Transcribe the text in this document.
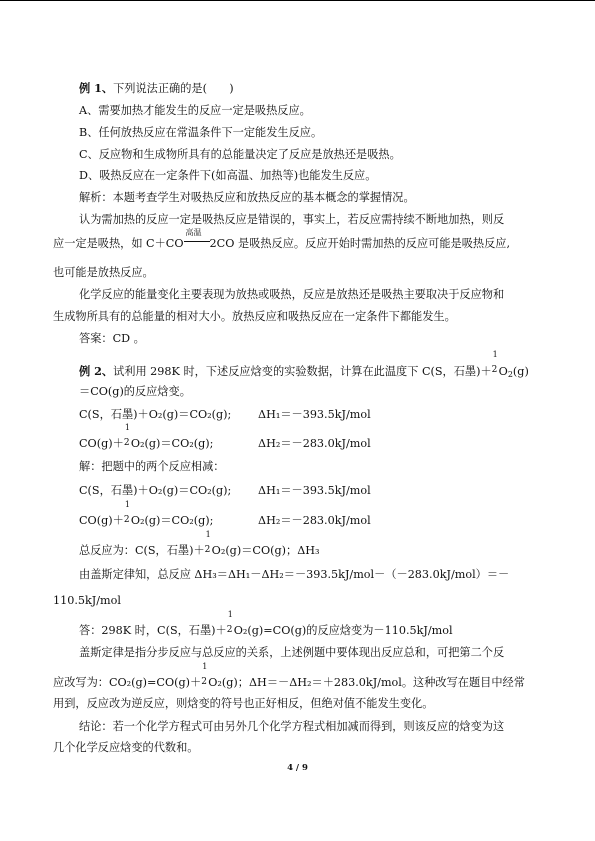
例 1、下列说法正确的是(　　)
A、需要加热才能发生的反应一定是吸热反应。
B、任何放热反应在常温条件下一定能发生反应。
C、反应物和生成物所具有的总能量决定了反应是放热还是吸热。
D、吸热反应在一定条件下(如高温、加热等)也能发生反应。
解析：本题考查学生对吸热反应和放热反应的基本概念的掌握情况。
认为需加热的反应一定是吸热反应是错误的，事实上，若反应需持续不断地加热，则反
应一定是吸热，如 C＋CO
高温
2CO 是吸热反应。反应开始时需加热的反应可能是吸热反应,
也可能是放热反应。
化学反应的能量变化主要表现为放热或吸热，反应是放热还是吸热主要取决于反应物和
生成物所具有的总能量的相对大小。放热反应和吸热反应在一定条件下都能发生。
答案：CD 。
例 2、试利用 298K 时，下述反应焓变的实验数据，计算在此温度下 C(S，石墨)＋
1
2 $O_2(g)$
＝CO(g)的反应焓变。
C(S，石墨)＋O₂(g)＝CO₂(g); ΔH₁＝－393.5kJ/mol
CO(g)＋
1
2 O₂(g)＝CO₂(g);	ΔH₂＝－283.0kJ/mol
解：把题中的两个反应相减：
C(S，石墨)＋O₂(g)＝CO₂(g); ΔH₁＝－393.5kJ/mol
CO(g)＋
1
2 O₂(g)＝CO₂(g);	ΔH₂＝－283.0kJ/mol
总反应为：C(S，石墨)＋
1
2 O₂(g)＝CO(g)；ΔH₃
由盖斯定律知，总反应 ΔH₃＝ΔH₁－ΔH₂＝－393.5kJ/mol－（－283.0kJ/mol）＝－
110.5kJ/mol
答：298K 时，C(S，石墨)＋
1
2 O₂(g)=CO(g)的反应焓变为－110.5kJ/mol
盖斯定律是指分步反应与总反应的关系，上述例题中要体现出反应总和，可把第二个反
应改写为：CO₂(g)=CO(g)＋
1
2 O₂(g)；ΔH＝－ΔH₂＝＋283.0kJ/mol。这种改写在题目中经常
用到，反应改为逆反应，则焓变的符号也正好相反，但绝对值不能发生变化。
结论：若一个化学方程式可由另外几个化学方程式相加减而得到，则该反应的焓变为这
几个化学反应焓变的代数和。
4 / 9
